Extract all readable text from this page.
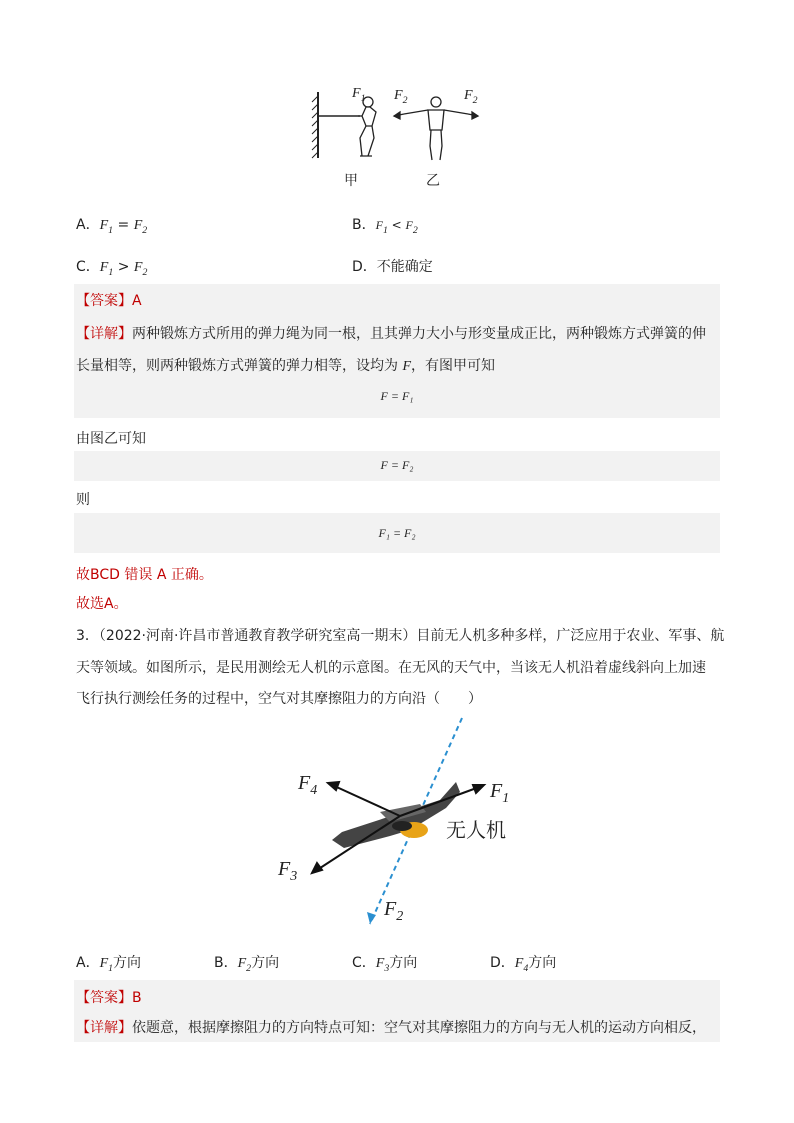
$F_1$ $F_2$	$F_2$
甲	乙
A．$F_1 = F_2$	B．$F_1 < F_2$
C．$F_1 > F_2$	D．不能确定
【答案】A
【详解】两种锻炼方式所用的弹力绳为同一根，且其弹力大小与形变量成正比，两种锻炼方式弹簧的伸
长量相等，则两种锻炼方式弹簧的弹力相等，设均为 F，有图甲可知
F = F₁
由图乙可知
F = F₂
则
F₁ = F₂
故BCD 错误 A 正确。
故选A。
3．（2022·河南·许昌市普通教育教学研究室高一期末）目前无人机多种多样，广泛应用于农业、军事、航
天等领域。如图所示，是民用测绘无人机的示意图。在无风的天气中，当该无人机沿着虚线斜向上加速
飞行执行测绘任务的过程中，空气对其摩擦阻力的方向沿（　　）
$F_4$	$F_1$
$F_3$
$F_2$
无人机
A．$F_1$方向	B．$F_2$方向	C．$F_3$方向	D．$F_4$方向
【答案】B
【详解】依题意，根据摩擦阻力的方向特点可知：空气对其摩擦阻力的方向与无人机的运动方向相反，
